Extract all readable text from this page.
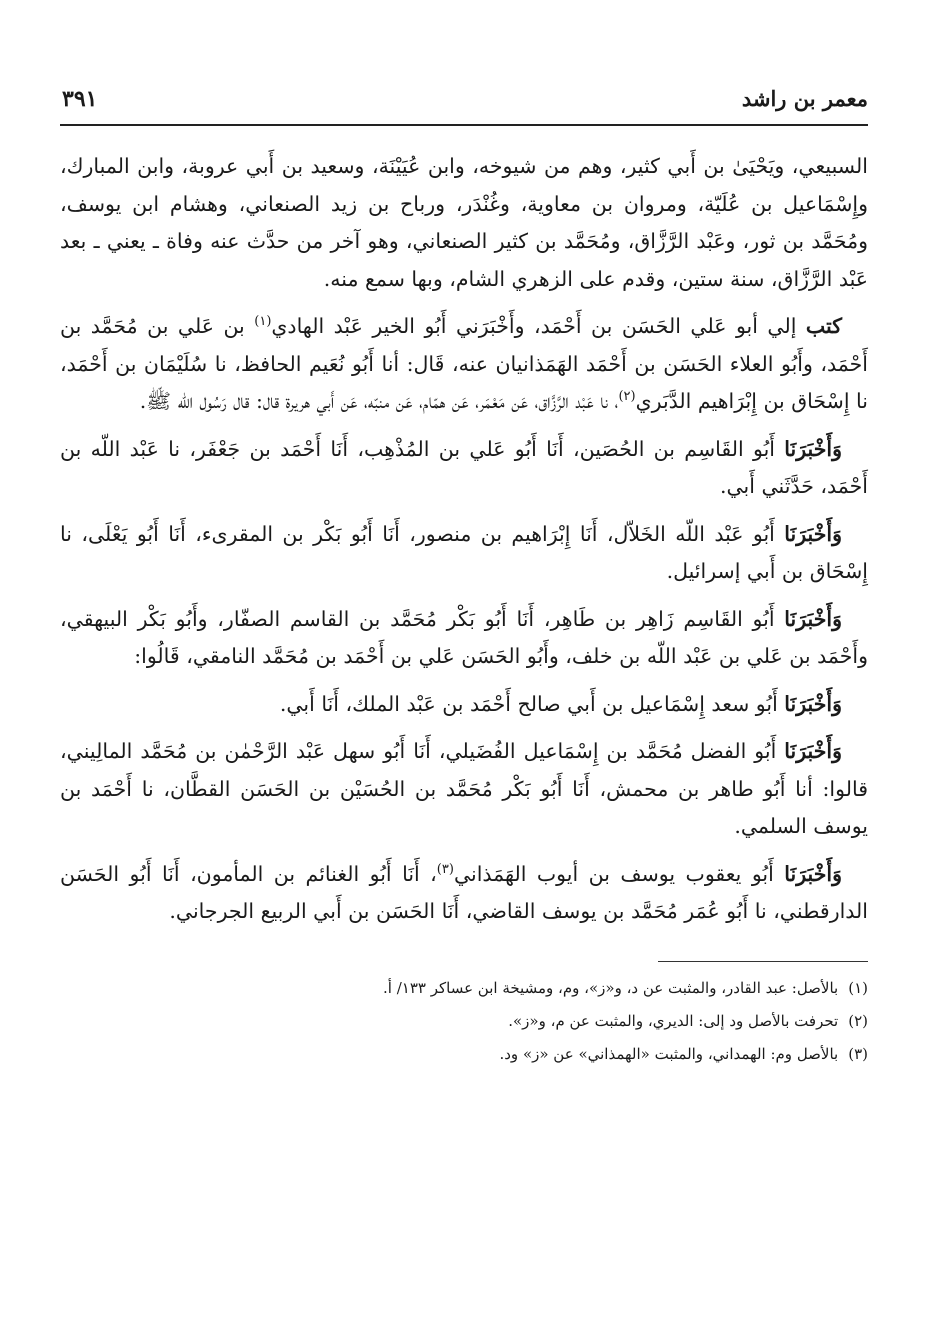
معمر بن راشد
٣٩١

السبيعي، ويَحْيَىٰ بن أَبي كثير، وهم من شيوخه، وابن عُيَيْنَة، وسعيد بن أَبي عروبة، وابن المبارك، وإِسْمَاعيل بن عُلَيّة، ومروان بن معاوية، وغُنْدَر، ورباح بن زيد الصنعاني، وهشام ابن يوسف، ومُحَمَّد بن ثور، وعَبْد الرَّزَّاق، ومُحَمَّد بن كثير الصنعاني، وهو آخر من حدَّث عنه وفاة ـ يعني ـ بعد عَبْد الرَّزَّاق، سنة ستين، وقدم على الزهري الشام، وبها سمع منه.

كتب إلي أبو عَلي الحَسَن بن أَحْمَد، وأَخْبَرَني أَبُو الخير عَبْد الهادي$^{(١)}$ بن عَلي بن مُحَمَّد بن أَحْمَد، وأَبُو العلاء الحَسَن بن أَحْمَد الهَمَذانيان عنه، قَال: أنا أَبُو نُعَيم الحافظ، نا سُلَيْمَان بن أَحْمَد، نا إِسْحَاق بن إِبْرَاهيم الدَّبَري$^{(٢)}$، نا عَبْد الرَّزَّاق، عَن مَعْمَر، عَن همّام، عَن منبّه، عَن أَبي هريرة قال: قال رَسُول الله ﷺ.

وَأَخْبَرَنَا أَبُو القَاسِم بن الحُصَين، أَنَا أَبُو عَلي بن المُذْهِب، أَنَا أَحْمَد بن جَعْفَر، نا عَبْد اللّه بن أَحْمَد، حَدَّثَني أَبي.

وَأَخْبَرَنَا أَبُو عَبْد اللّه الخَلاّل، أَنَا إِبْرَاهيم بن منصور، أَنَا أَبُو بَكْر بن المقرىء، أَنَا أَبُو يَعْلَى، نا إِسْحَاق بن أَبي إسرائيل.

وَأَخْبَرَنَا أَبُو القَاسِم زَاهِر بن طَاهِر، أَنَا أَبُو بَكْر مُحَمَّد بن القاسم الصفّار، وأَبُو بَكْر البيهقي، وأَحْمَد بن عَلي بن عَبْد اللّه بن خلف، وأَبُو الحَسَن عَلي بن أَحْمَد بن مُحَمَّد النامقي، قَالُوا:

وَأَخْبَرَنَا أَبُو سعد إِسْمَاعيل بن أَبي صالح أَحْمَد بن عَبْد الملك، أَنَا أَبي.

وَأَخْبَرَنَا أَبُو الفضل مُحَمَّد بن إِسْمَاعيل الفُضَيلي، أَنَا أَبُو سهل عَبْد الرَّحْمٰن بن مُحَمَّد المالِيني، قالوا: أنا أَبُو طاهر بن محمش، أَنَا أَبُو بَكْر مُحَمَّد بن الحُسَيْن بن الحَسَن القطَّان، نا أَحْمَد بن يوسف السلمي.

وَأَخْبَرَنَا أَبُو يعقوب يوسف بن أيوب الهَمَذاني$^{(٣)}$، أَنَا أَبُو الغنائم بن المأمون، أَنَا أَبُو الحَسَن الدارقطني، نا أَبُو عُمَر مُحَمَّد بن يوسف القاضي، أَنَا الحَسَن بن أَبي الربيع الجرجاني.

(١)بالأصل: عبد القادر، والمثبت عن د، و«ز»، وم، ومشيخة ابن عساكر ١٣٣/ أ.

(٢)تحرفت بالأصل ود إلى: الديري، والمثبت عن م، و«ز».

(٣)بالأصل وم: الهمداني، والمثبت «الهمذاني» عن «ز» ود.
